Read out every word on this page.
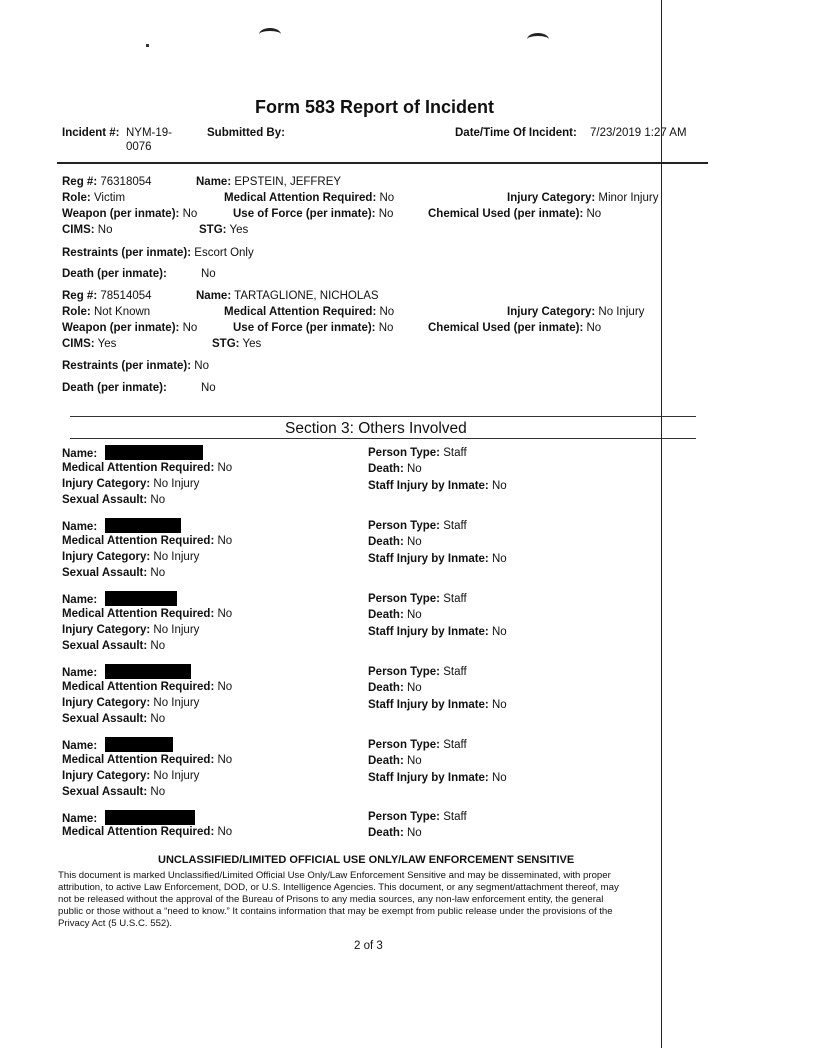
Form 583 Report of Incident
Incident #: NYM-19-
0076
Submitted By:	Date/Time Of Incident: 7/23/2019 1:27 AM
Reg #: 76318054	Name: EPSTEIN, JEFFREY
Role: Victim	Medical Attention Required: No	Injury Category: Minor Injury
Weapon (per inmate): No	Use of Force (per inmate): No	Chemical Used (per inmate): No
CIMS: No	STG: Yes
Restraints (per inmate): Escort Only
Death (per inmate):	No
Reg #: 78514054	Name: TARTAGLIONE, NICHOLAS
Role: Not Known	Medical Attention Required: No	Injury Category: No Injury
Weapon (per inmate): No	Use of Force (per inmate): No	Chemical Used (per inmate): No
CIMS: Yes	STG: Yes
Restraints (per inmate): No
Death (per inmate):	No
Section 3: Others Involved
Name:
Medical Attention Required: No
Injury Category: No Injury
Sexual Assault: No
Person Type: Staff
Death: No
Staff Injury by Inmate: No
Name:
Medical Attention Required: No
Injury Category: No Injury
Sexual Assault: No
Person Type: Staff
Death: No
Staff Injury by Inmate: No
Name:
Medical Attention Required: No
Injury Category: No Injury
Sexual Assault: No
Person Type: Staff
Death: No
Staff Injury by Inmate: No
Name:
Medical Attention Required: No
Injury Category: No Injury
Sexual Assault: No
Person Type: Staff
Death: No
Staff Injury by Inmate: No
Name:
Medical Attention Required: No
Injury Category: No Injury
Sexual Assault: No
Person Type: Staff
Death: No
Staff Injury by Inmate: No
Name:
Medical Attention Required: No
Person Type: Staff
Death: No
UNCLASSIFIED/LIMITED OFFICIAL USE ONLY/LAW ENFORCEMENT SENSITIVE
This document is marked Unclassified/Limited Official Use Only/Law Enforcement Sensitive and may be disseminated, with proper
attribution, to active Law Enforcement, DOD, or U.S. Intelligence Agencies. This document, or any segment/attachment thereof, may
not be released without the approval of the Bureau of Prisons to any media sources, any non-law enforcement entity, the general
public or those without a “need to know.” It contains information that may be exempt from public release under the provisions of the
Privacy Act (5 U.S.C. 552).
2 of 3
